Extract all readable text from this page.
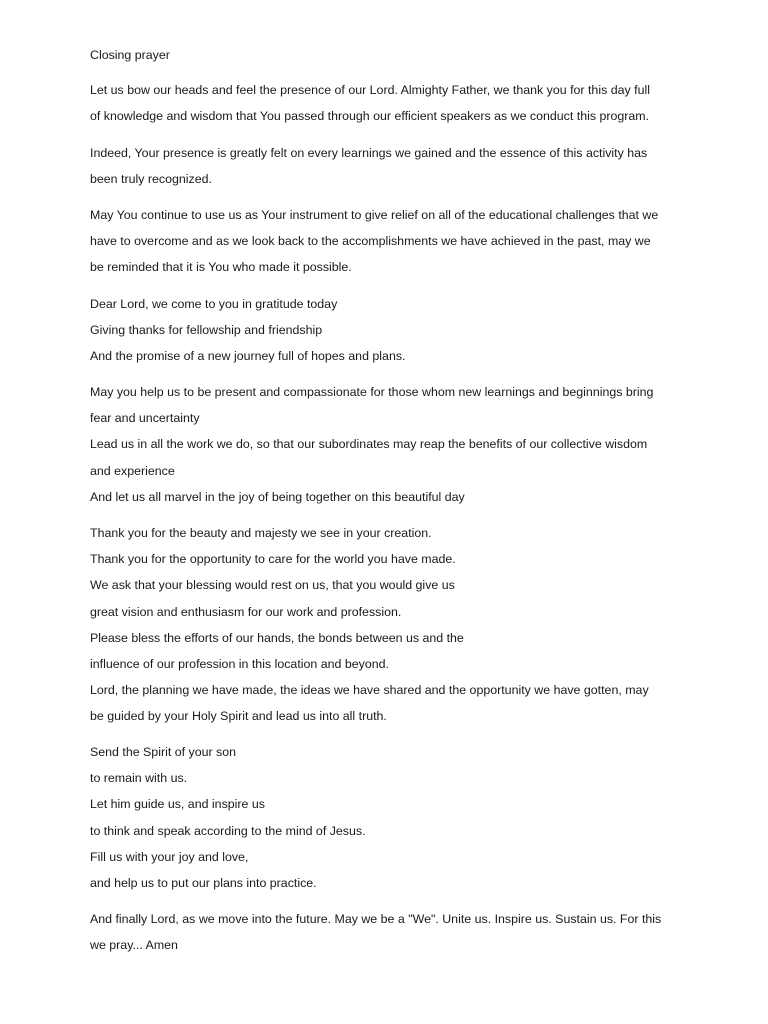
Closing prayer

Let us bow our heads and feel the presence of our Lord. Almighty Father, we thank you for this day full
of knowledge and wisdom that You passed through our efficient speakers as we conduct this program.

Indeed, Your presence is greatly felt on every learnings we gained and the essence of this activity has
been truly recognized.

May You continue to use us as Your instrument to give relief on all of the educational challenges that we
have to overcome and as we look back to the accomplishments we have achieved in the past, may we
be reminded that it is You who made it possible.

Dear Lord, we come to you in gratitude today
Giving thanks for fellowship and friendship
And the promise of a new journey full of hopes and plans.

May you help us to be present and compassionate for those whom new learnings and beginnings bring
fear and uncertainty
Lead us in all the work we do, so that our subordinates may reap the benefits of our collective wisdom
and experience
And let us all marvel in the joy of being together on this beautiful day

Thank you for the beauty and majesty we see in your creation.
Thank you for the opportunity to care for the world you have made.
We ask that your blessing would rest on us, that you would give us
great vision and enthusiasm for our work and profession.
Please bless the efforts of our hands, the bonds between us and the
influence of our profession in this location and beyond.
Lord, the planning we have made, the ideas we have shared and the opportunity we have gotten, may
be guided by your Holy Spirit and lead us into all truth.

Send the Spirit of your son
to remain with us.
Let him guide us, and inspire us
to think and speak according to the mind of Jesus.
Fill us with your joy and love,
and help us to put our plans into practice.

And finally Lord, as we move into the future. May we be a "We". Unite us. Inspire us. Sustain us. For this
we pray... Amen
